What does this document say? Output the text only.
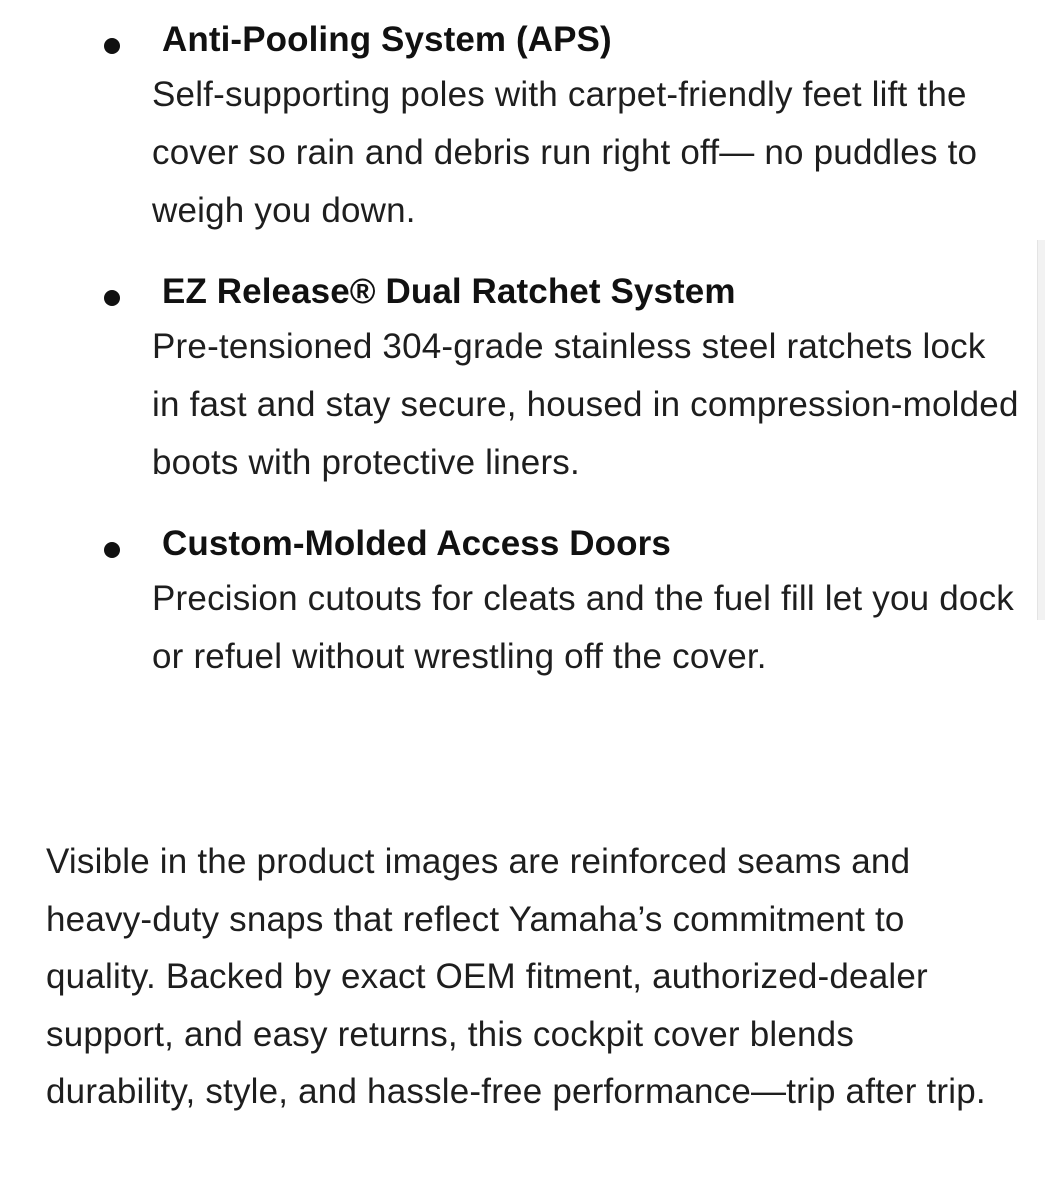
Anti-Pooling System (APS)
Self-supporting poles with carpet-friendly feet lift the cover so rain and debris run right off— no puddles to weigh you down.
EZ Release® Dual Ratchet System
Pre-tensioned 304-grade stainless steel ratchets lock in fast and stay secure, housed in compression-molded boots with protective liners.
Custom-Molded Access Doors
Precision cutouts for cleats and the fuel fill let you dock or refuel without wrestling off the cover.

Visible in the product images are reinforced seams and heavy-duty snaps that reflect Yamaha’s commitment to quality. Backed by exact OEM fitment, authorized-dealer support, and easy returns, this cockpit cover blends durability, style, and hassle-free performance—trip after trip.
